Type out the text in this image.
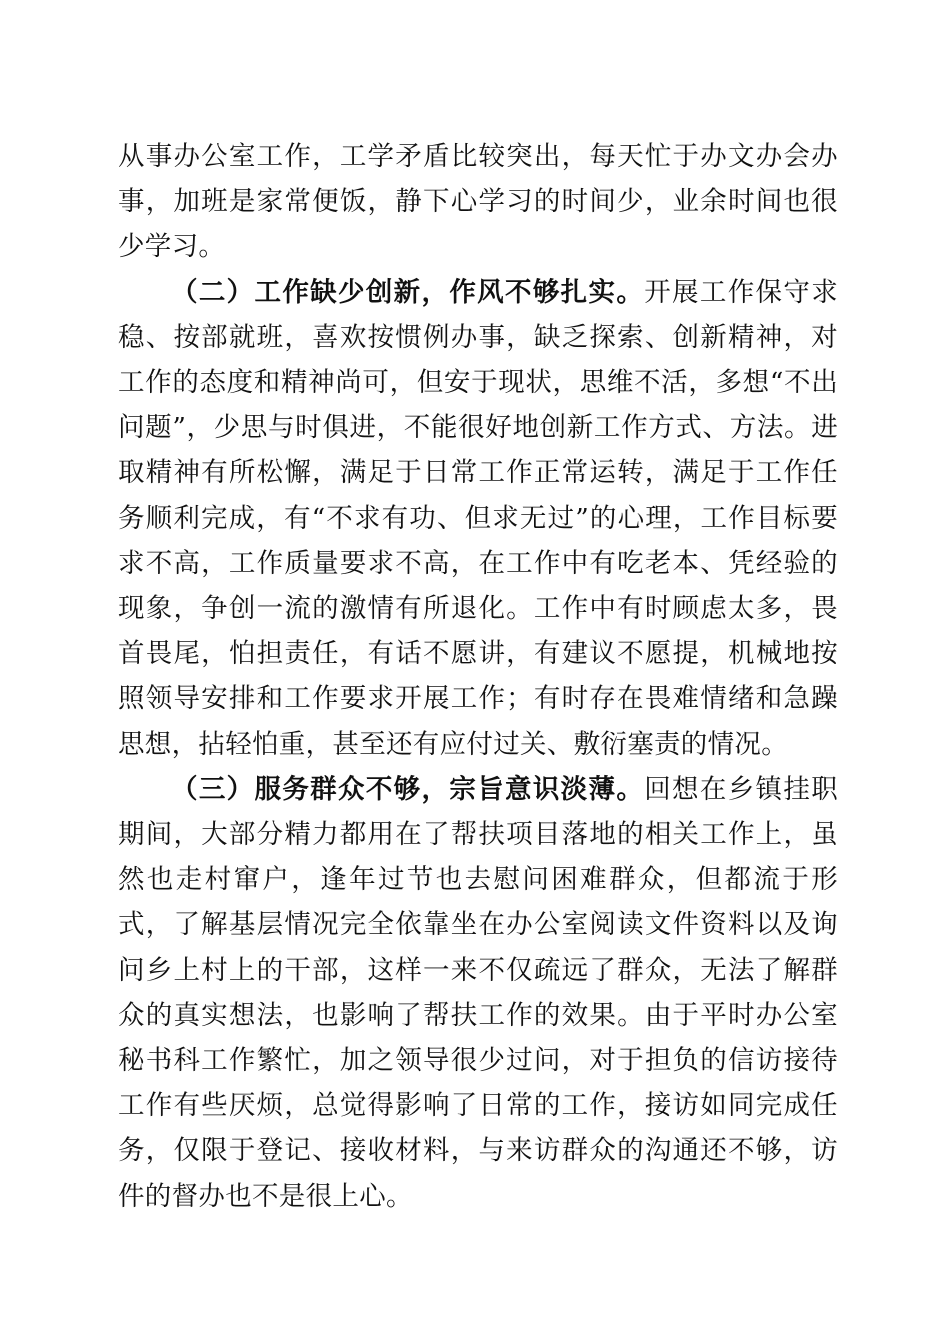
从事办公室工作，工学矛盾比较突出，每天忙于办文办会办事，加班是家常便饭，静下心学习的时间少，业余时间也很少学习。

（二）工作缺少创新，作风不够扎实。开展工作保守求稳、按部就班，喜欢按惯例办事，缺乏探索、创新精神，对工作的态度和精神尚可，但安于现状，思维不活，多想“不出问题”，少思与时俱进，不能很好地创新工作方式、方法。进取精神有所松懈，满足于日常工作正常运转，满足于工作任务顺利完成，有“不求有功、但求无过”的心理，工作目标要求不高，工作质量要求不高，在工作中有吃老本、凭经验的现象，争创一流的激情有所退化。工作中有时顾虑太多，畏首畏尾，怕担责任，有话不愿讲，有建议不愿提，机械地按照领导安排和工作要求开展工作；有时存在畏难情绪和急躁思想，拈轻怕重，甚至还有应付过关、敷衍塞责的情况。

（三）服务群众不够，宗旨意识淡薄。回想在乡镇挂职期间，大部分精力都用在了帮扶项目落地的相关工作上，虽然也走村窜户，逢年过节也去慰问困难群众，但都流于形式，了解基层情况完全依靠坐在办公室阅读文件资料以及询问乡上村上的干部，这样一来不仅疏远了群众，无法了解群众的真实想法，也影响了帮扶工作的效果。由于平时办公室秘书科工作繁忙，加之领导很少过问，对于担负的信访接待工作有些厌烦，总觉得影响了日常的工作，接访如同完成任务，仅限于登记、接收材料，与来访群众的沟通还不够，访件的督办也不是很上心。
